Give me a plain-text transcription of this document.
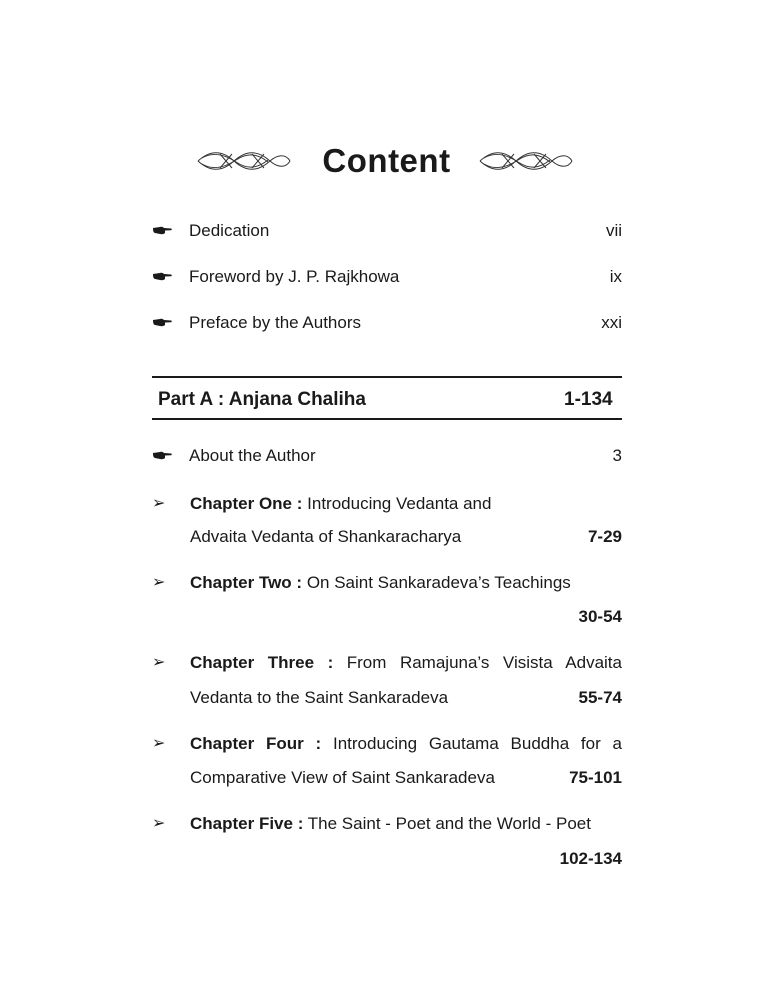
Content
Dedication	vii
Foreword by J. P. Rajkhowa	ix
Preface by the Authors	xxi
Part A : Anjana Chaliha	1-134
About the Author	3
➢ Chapter One : Introducing Vedanta and
Advaita Vedanta of Shankaracharya	7-29
➢ Chapter Two : On Saint Sankaradeva’s Teachings
30-54
➢ Chapter Three : From Ramajuna’s Visista Advaita
Vedanta to the Saint Sankaradeva	55-74
➢ Chapter Four : Introducing Gautama Buddha for a
Comparative View of Saint Sankaradeva	75-101
➢ Chapter Five : The Saint - Poet and the World - Poet
102-134
